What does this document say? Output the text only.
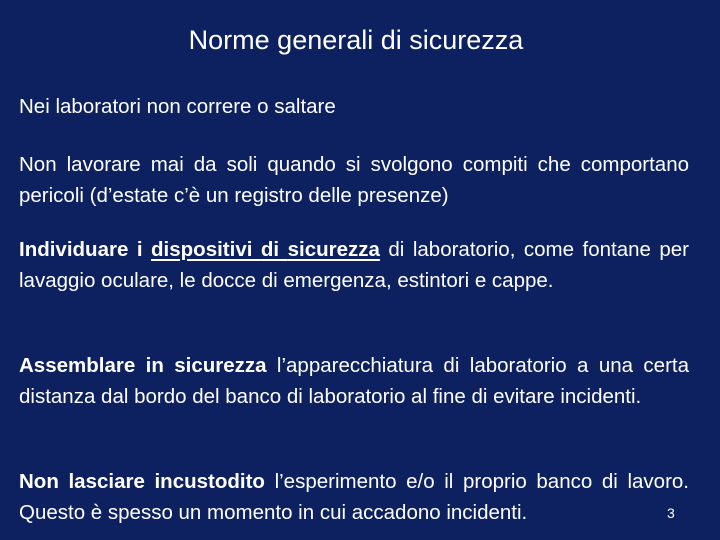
Norme generali di sicurezza
Nei laboratori non correre o saltare
Non lavorare mai da soli quando si svolgono compiti che comportano pericoli (d’estate c’è un registro delle presenze)
Individuare i dispositivi di sicurezza di laboratorio, come fontane per lavaggio oculare, le docce di emergenza, estintori e cappe.
Assemblare in sicurezza l’apparecchiatura di laboratorio a una certa distanza dal bordo del banco di laboratorio al fine di evitare incidenti.
Non lasciare incustodito l’esperimento e/o il proprio banco di lavoro. Questo è spesso un momento in cui accadono incidenti.	3
